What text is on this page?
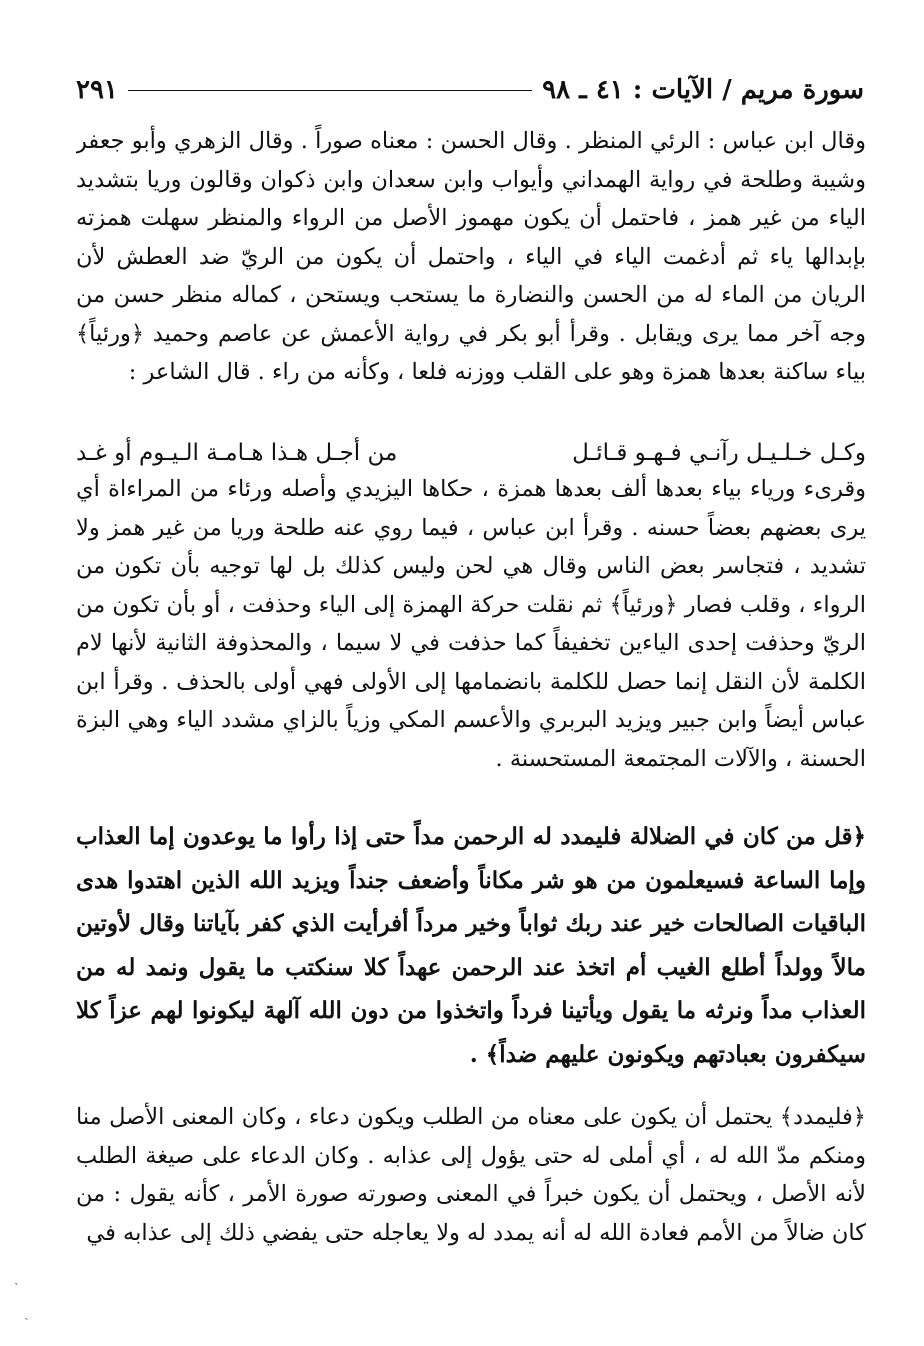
سورة مريم / الآيات : ٤١ ـ ٩٨
٢٩١

وقال ابن عباس : الرئي المنظر . وقال الحسن : معناه صوراً . وقال الزهري وأبو جعفر وشيبة وطلحة في رواية الهمداني وأيواب وابن سعدان وابن ذكوان وقالون وريا بتشديد الياء من غير همز ، فاحتمل أن يكون مهموز الأصل من الرواء والمنظر سهلت همزته بإبدالها ياء ثم أدغمت الياء في الياء ، واحتمل أن يكون من الريّ ضد العطش لأن الريان من الماء له من الحسن والنضارة ما يستحب ويستحن ، كماله منظر حسن من وجه آخر مما يرى ويقابل . وقرأ أبو بكر في رواية الأعمش عن عاصم وحميد ﴿ورئياً﴾ بياء ساكنة بعدها همزة وهو على القلب ووزنه فلعا ، وكأنه من راء . قال الشاعر :

وكـل خـلـيـل رآنـي فـهـو قـائـل
من أجـل هـذا هـامـة الـيـوم أو غـد

وقرىء ورياء بياء بعدها ألف بعدها همزة ، حكاها اليزيدي وأصله ورئاء من المراءاة أي يرى بعضهم بعضاً حسنه . وقرأ ابن عباس ، فيما روي عنه طلحة وريا من غير همز ولا تشديد ، فتجاسر بعض الناس وقال هي لحن وليس كذلك بل لها توجيه بأن تكون من الرواء ، وقلب فصار ﴿ورئياً﴾ ثم نقلت حركة الهمزة إلى الياء وحذفت ، أو بأن تكون من الريّ وحذفت إحدى الياءين تخفيفاً كما حذفت في لا سيما ، والمحذوفة الثانية لأنها لام الكلمة لأن النقل إنما حصل للكلمة بانضمامها إلى الأولى فهي أولى بالحذف . وقرأ ابن عباس أيضاً وابن جبير ويزيد البربري والأعسم المكي وزياً بالزاي مشدد الياء وهي البزة الحسنة ، والآلات المجتمعة المستحسنة .

﴿قل من كان في الضلالة فليمدد له الرحمن مداً حتى إذا رأوا ما يوعدون إما العذاب وإما الساعة فسيعلمون من هو شر مكاناً وأضعف جنداً ويزيد الله الذين اهتدوا هدى الباقيات الصالحات خير عند ربك ثواباً وخير مرداً أفرأيت الذي كفر بآياتنا وقال لأوتين مالاً وولداً أطلع الغيب أم اتخذ عند الرحمن عهداً كلا سنكتب ما يقول ونمد له من العذاب مداً ونرثه ما يقول ويأتينا فرداً واتخذوا من دون الله آلهة ليكونوا لهم عزاً كلا سيكفرون بعبادتهم ويكونون عليهم ضداً﴾ .

﴿فليمدد﴾ يحتمل أن يكون على معناه من الطلب ويكون دعاء ، وكان المعنى الأصل منا ومنكم مدّ الله له ، أي أملى له حتى يؤول إلى عذابه . وكان الدعاء على صيغة الطلب لأنه الأصل ، ويحتمل أن يكون خبراً في المعنى وصورته صورة الأمر ، كأنه يقول : من كان ضالاً من الأمم فعادة الله له أنه يمدد له ولا يعاجله حتى يفضي ذلك إلى عذابه في

ˎ
ˎ
